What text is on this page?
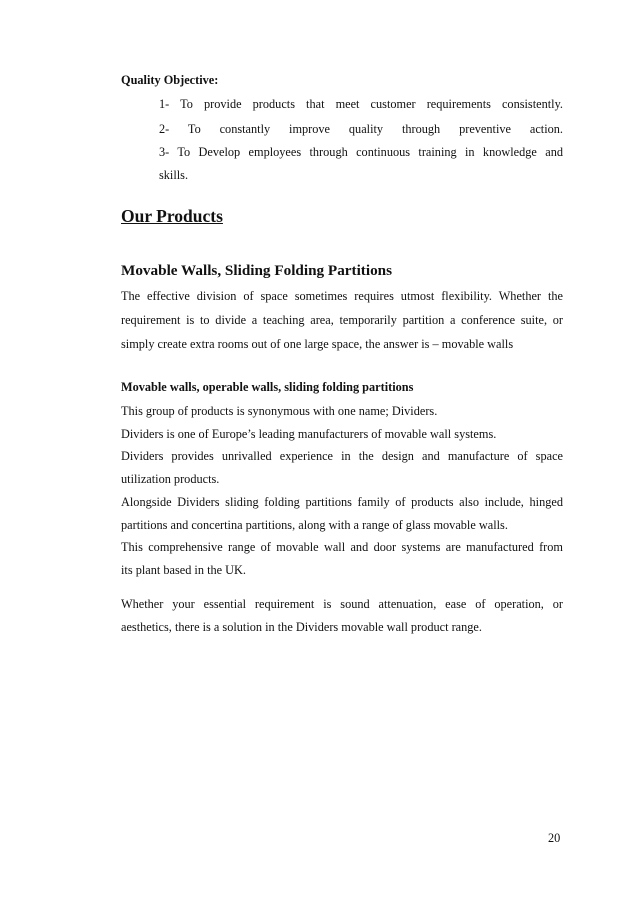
Quality Objective:

1- To provide products that meet customer requirements consistently.

2- To constantly improve quality through preventive action.

3- To Develop employees through continuous training in knowledge and

skills.

Our Products

Movable Walls, Sliding Folding Partitions

The effective division of space sometimes requires utmost flexibility. Whether the

requirement is to divide a teaching area, temporarily partition a conference suite, or

simply create extra rooms out of one large space, the answer is – movable walls

Movable walls, operable walls, sliding folding partitions

This group of products is synonymous with one name; Dividers.

Dividers is one of Europe’s leading manufacturers of movable wall systems.

Dividers provides unrivalled experience in the design and manufacture of space

utilization products.

Alongside Dividers sliding folding partitions family of products also include, hinged

partitions and concertina partitions, along with a range of glass movable walls.

This comprehensive range of movable wall and door systems are manufactured from

its plant based in the UK.

Whether your essential requirement is sound attenuation, ease of operation, or

aesthetics, there is a solution in the Dividers movable wall product range.

20
